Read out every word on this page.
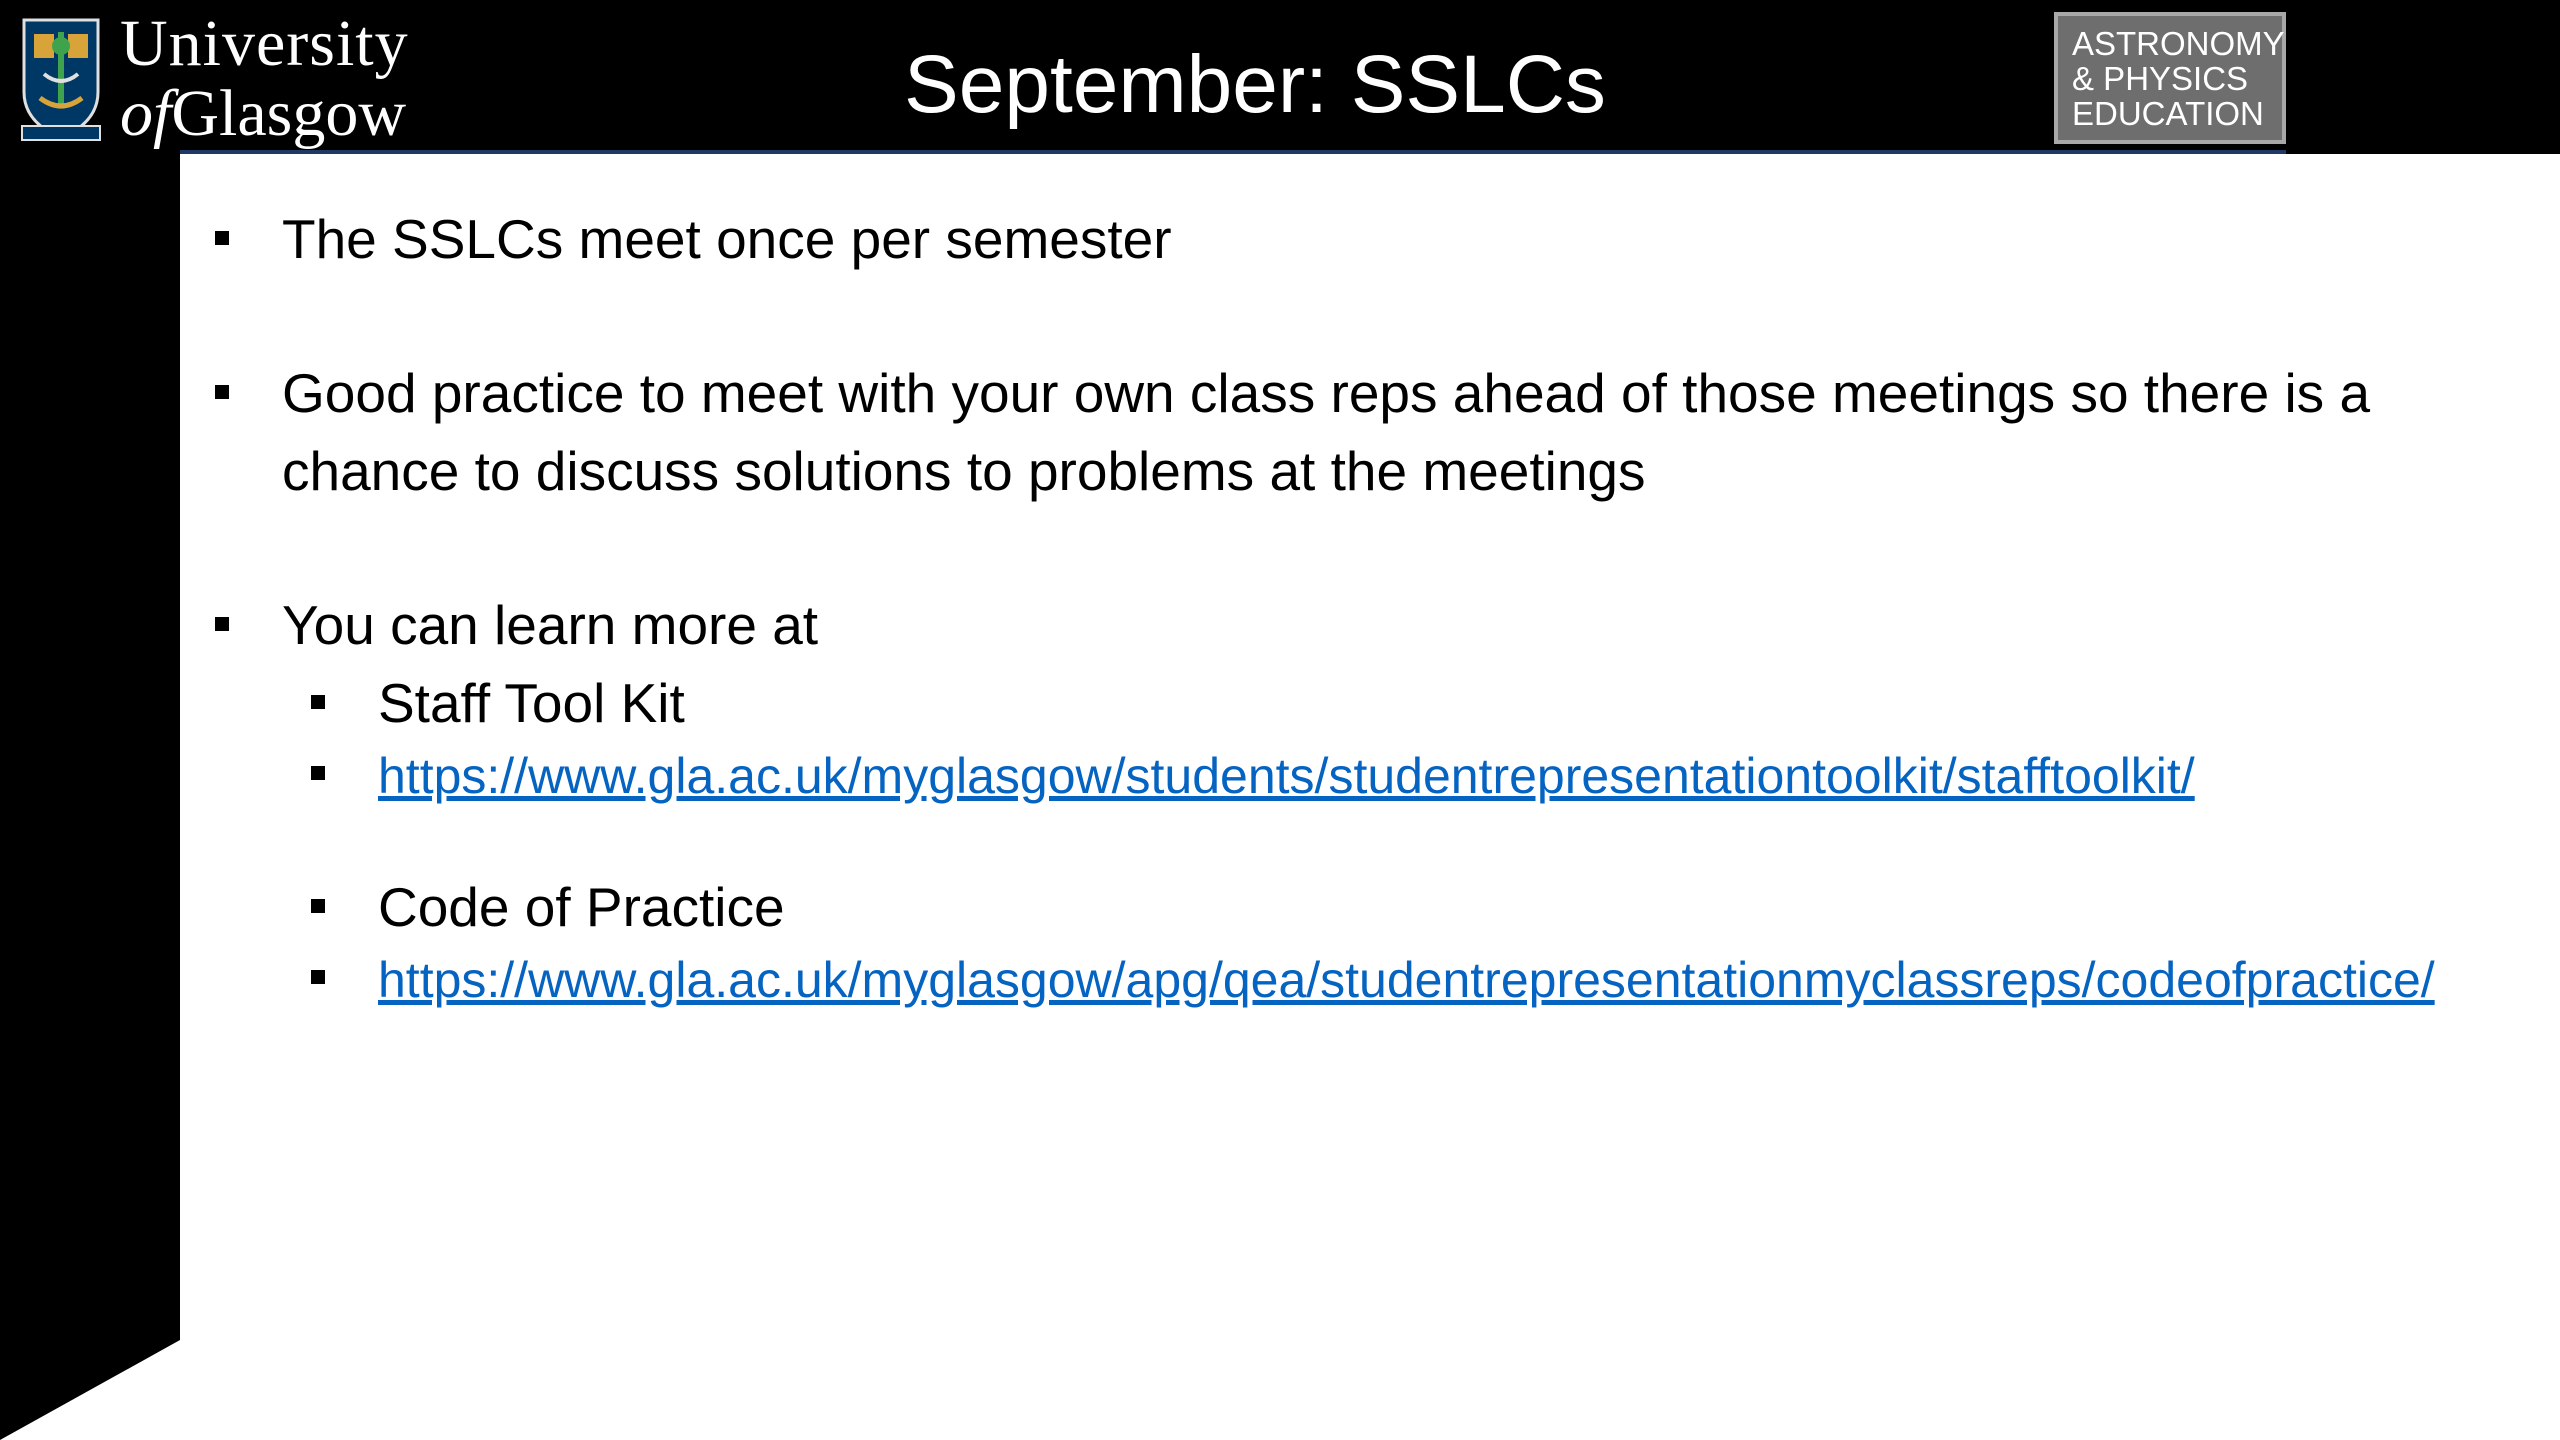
University
ofGlasgow	September: SSLCs	ASTRONOMY
& PHYSICS
EDUCATION
The SSLCs meet once per semester
Good practice to meet with your own class reps ahead of those meetings so there is a chance to discuss solutions to problems at the meetings
You can learn more at
Staff Tool Kit
https://www.gla.ac.uk/myglasgow/students/studentrepresentationtoolkit/stafftoolkit/
Code of Practice
https://www.gla.ac.uk/myglasgow/apg/qea/studentrepresentationmyclassreps/codeofpractice/
